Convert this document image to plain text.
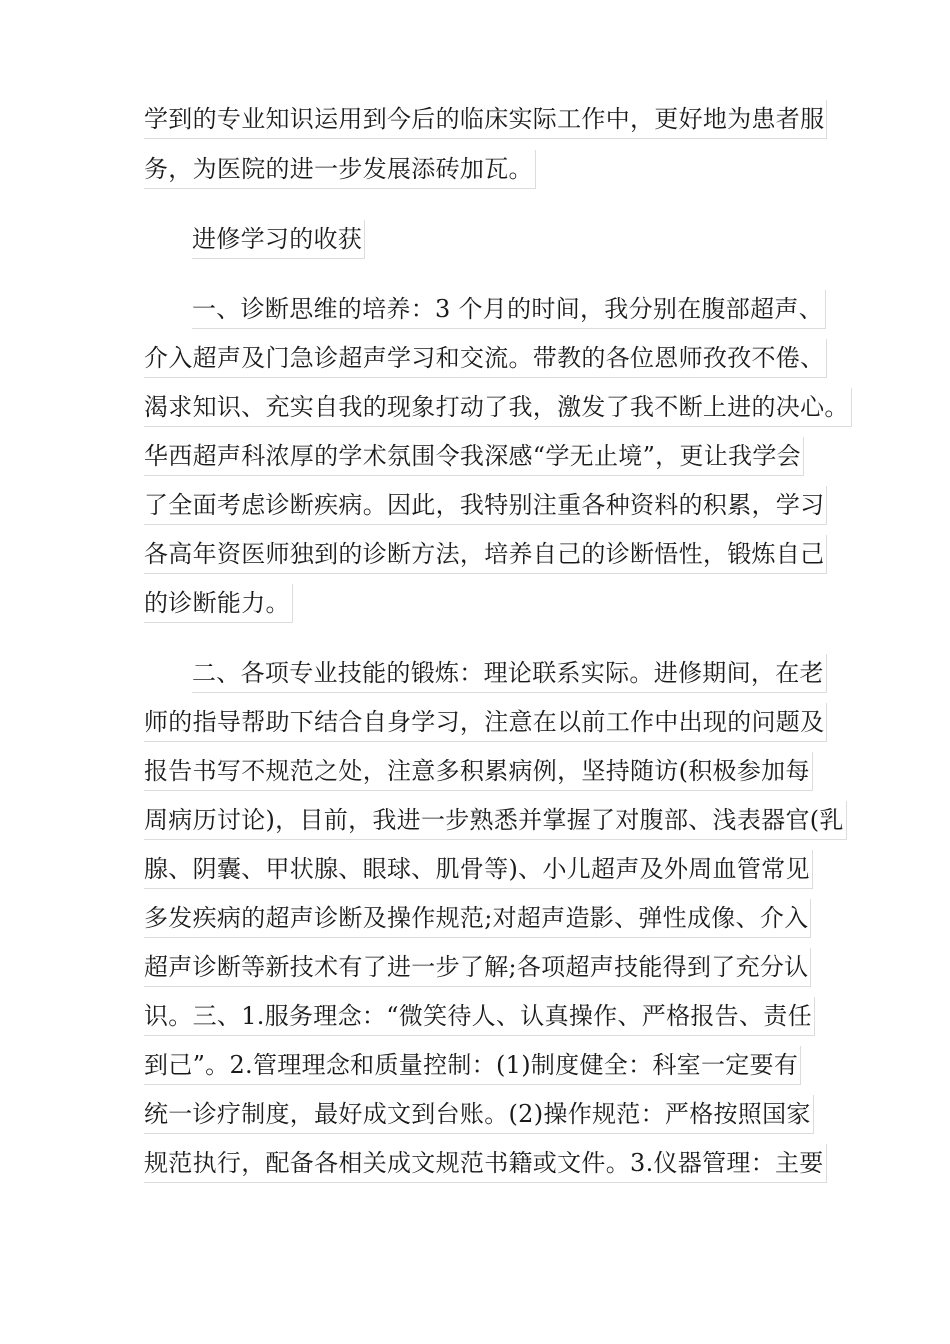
学到的专业知识运用到今后的临床实际工作中，更好地为患者服
务，为医院的进一步发展添砖加瓦。
进修学习的收获
一、诊断思维的培养：3 个月的时间，我分别在腹部超声、
介入超声及门急诊超声学习和交流。带教的各位恩师孜孜不倦、
渴求知识、充实自我的现象打动了我，激发了我不断上进的决心。
华西超声科浓厚的学术氛围令我深感“学无止境”，更让我学会
了全面考虑诊断疾病。因此，我特别注重各种资料的积累，学习
各高年资医师独到的诊断方法，培养自己的诊断悟性，锻炼自己
的诊断能力。
二、各项专业技能的锻炼：理论联系实际。进修期间，在老
师的指导帮助下结合自身学习，注意在以前工作中出现的问题及
报告书写不规范之处，注意多积累病例，坚持随访(积极参加每
周病历讨论)，目前，我进一步熟悉并掌握了对腹部、浅表器官(乳
腺、阴囊、甲状腺、眼球、肌骨等)、小儿超声及外周血管常见
多发疾病的超声诊断及操作规范;对超声造影、弹性成像、介入
超声诊断等新技术有了进一步了解;各项超声技能得到了充分认
识。三、1.服务理念：“微笑待人、认真操作、严格报告、责任
到己”。2.管理理念和质量控制：(1)制度健全：科室一定要有
统一诊疗制度，最好成文到台账。(2)操作规范：严格按照国家
规范执行，配备各相关成文规范书籍或文件。3.仪器管理：主要
